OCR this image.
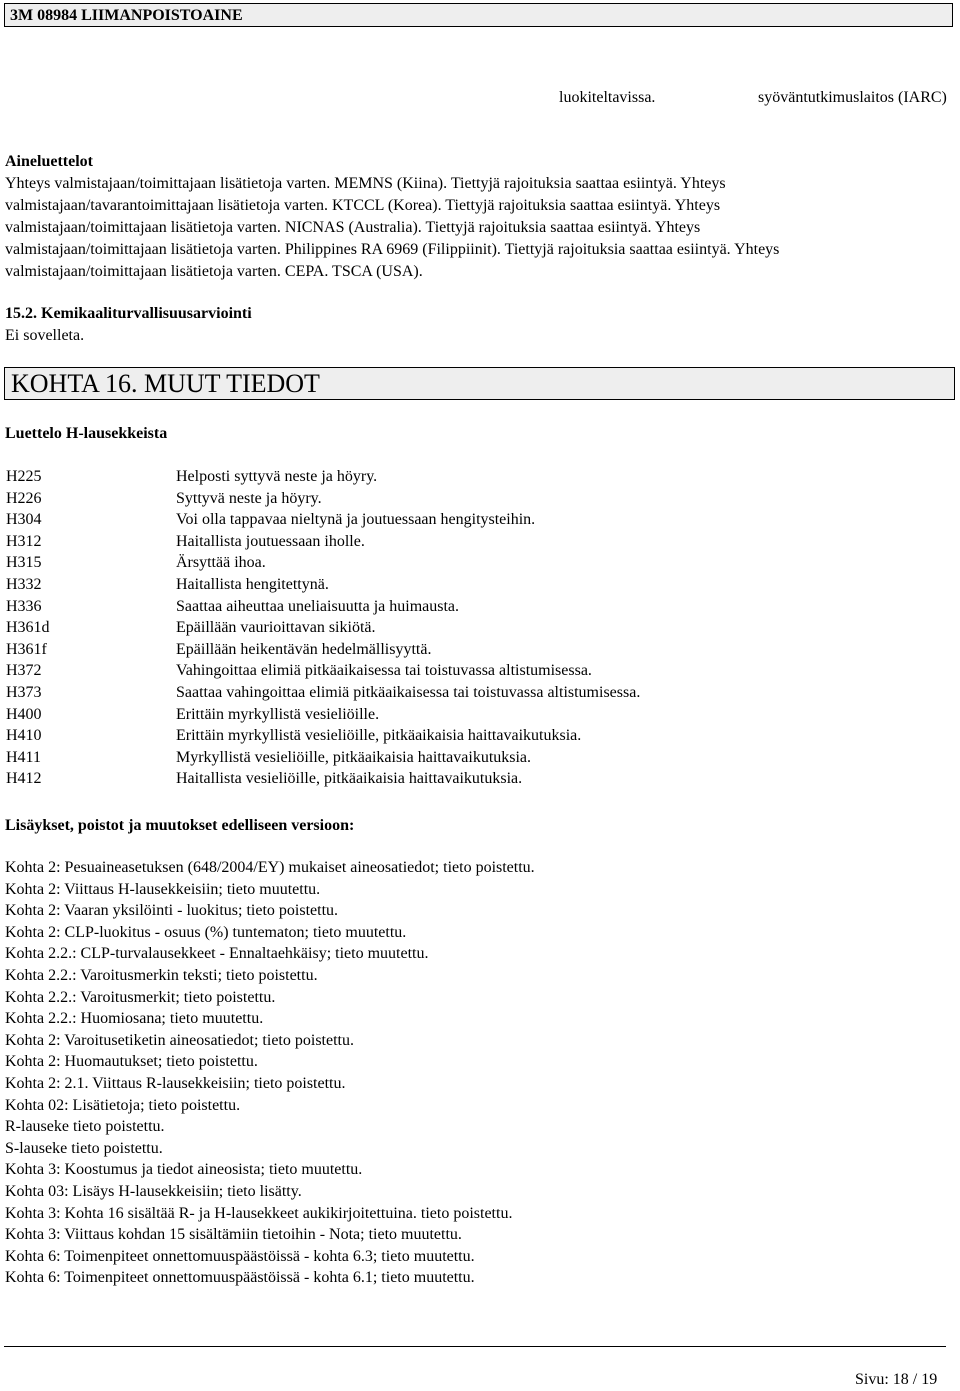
3M 08984 LIIMANPOISTOAINE
luokiteltavissa.	syöväntutkimuslaitos (IARC)
Aineluettelot
Yhteys valmistajaan/toimittajaan lisätietoja varten. MEMNS (Kiina). Tiettyjä rajoituksia saattaa esiintyä. Yhteys
valmistajaan/tavarantoimittajaan lisätietoja varten. KTCCL (Korea). Tiettyjä rajoituksia saattaa esiintyä. Yhteys
valmistajaan/toimittajaan lisätietoja varten. NICNAS (Australia). Tiettyjä rajoituksia saattaa esiintyä. Yhteys
valmistajaan/toimittajaan lisätietoja varten. Philippines RA 6969 (Filippiinit). Tiettyjä rajoituksia saattaa esiintyä. Yhteys
valmistajaan/toimittajaan lisätietoja varten. CEPA. TSCA (USA).
15.2. Kemikaaliturvallisuusarviointi
Ei sovelleta.
KOHTA 16. MUUT TIEDOT
Luettelo H-lausekkeista
H225	Helposti syttyvä neste ja höyry.
H226	Syttyvä neste ja höyry.
H304	Voi olla tappavaa nieltynä ja joutuessaan hengitysteihin.
H312	Haitallista joutuessaan iholle.
H315	Ärsyttää ihoa.
H332	Haitallista hengitettynä.
H336	Saattaa aiheuttaa uneliaisuutta ja huimausta.
H361d	Epäillään vaurioittavan sikiötä.
H361f	Epäillään heikentävän hedelmällisyyttä.
H372	Vahingoittaa elimiä pitkäaikaisessa tai toistuvassa altistumisessa.
H373	Saattaa vahingoittaa elimiä pitkäaikaisessa tai toistuvassa altistumisessa.
H400	Erittäin myrkyllistä vesieliöille.
H410	Erittäin myrkyllistä vesieliöille, pitkäaikaisia haittavaikutuksia.
H411	Myrkyllistä vesieliöille, pitkäaikaisia haittavaikutuksia.
H412	Haitallista vesieliöille, pitkäaikaisia haittavaikutuksia.
Lisäykset, poistot ja muutokset edelliseen versioon:
Kohta 2: Pesuaineasetuksen (648/2004/EY) mukaiset aineosatiedot; tieto poistettu.
Kohta 2: Viittaus H-lausekkeisiin; tieto muutettu.
Kohta 2: Vaaran yksilöinti - luokitus; tieto poistettu.
Kohta 2: CLP-luokitus - osuus (%) tuntematon; tieto muutettu.
Kohta 2.2.: CLP-turvalausekkeet - Ennaltaehkäisy; tieto muutettu.
Kohta 2.2.: Varoitusmerkin teksti; tieto poistettu.
Kohta 2.2.: Varoitusmerkit; tieto poistettu.
Kohta 2.2.: Huomiosana; tieto muutettu.
Kohta 2: Varoitusetiketin aineosatiedot; tieto poistettu.
Kohta 2: Huomautukset; tieto poistettu.
Kohta 2: 2.1. Viittaus R-lausekkeisiin; tieto poistettu.
Kohta 02: Lisätietoja; tieto poistettu.
R-lauseke tieto poistettu.
S-lauseke tieto poistettu.
Kohta 3: Koostumus ja tiedot aineosista; tieto muutettu.
Kohta 03: Lisäys H-lausekkeisiin; tieto lisätty.
Kohta 3: Kohta 16 sisältää R- ja H-lausekkeet aukikirjoitettuina. tieto poistettu.
Kohta 3: Viittaus kohdan 15 sisältämiin tietoihin - Nota; tieto muutettu.
Kohta 6: Toimenpiteet onnettomuuspäästöissä - kohta 6.3; tieto muutettu.
Kohta 6: Toimenpiteet onnettomuuspäästöissä - kohta 6.1; tieto muutettu.
Sivu: 18 / 19
